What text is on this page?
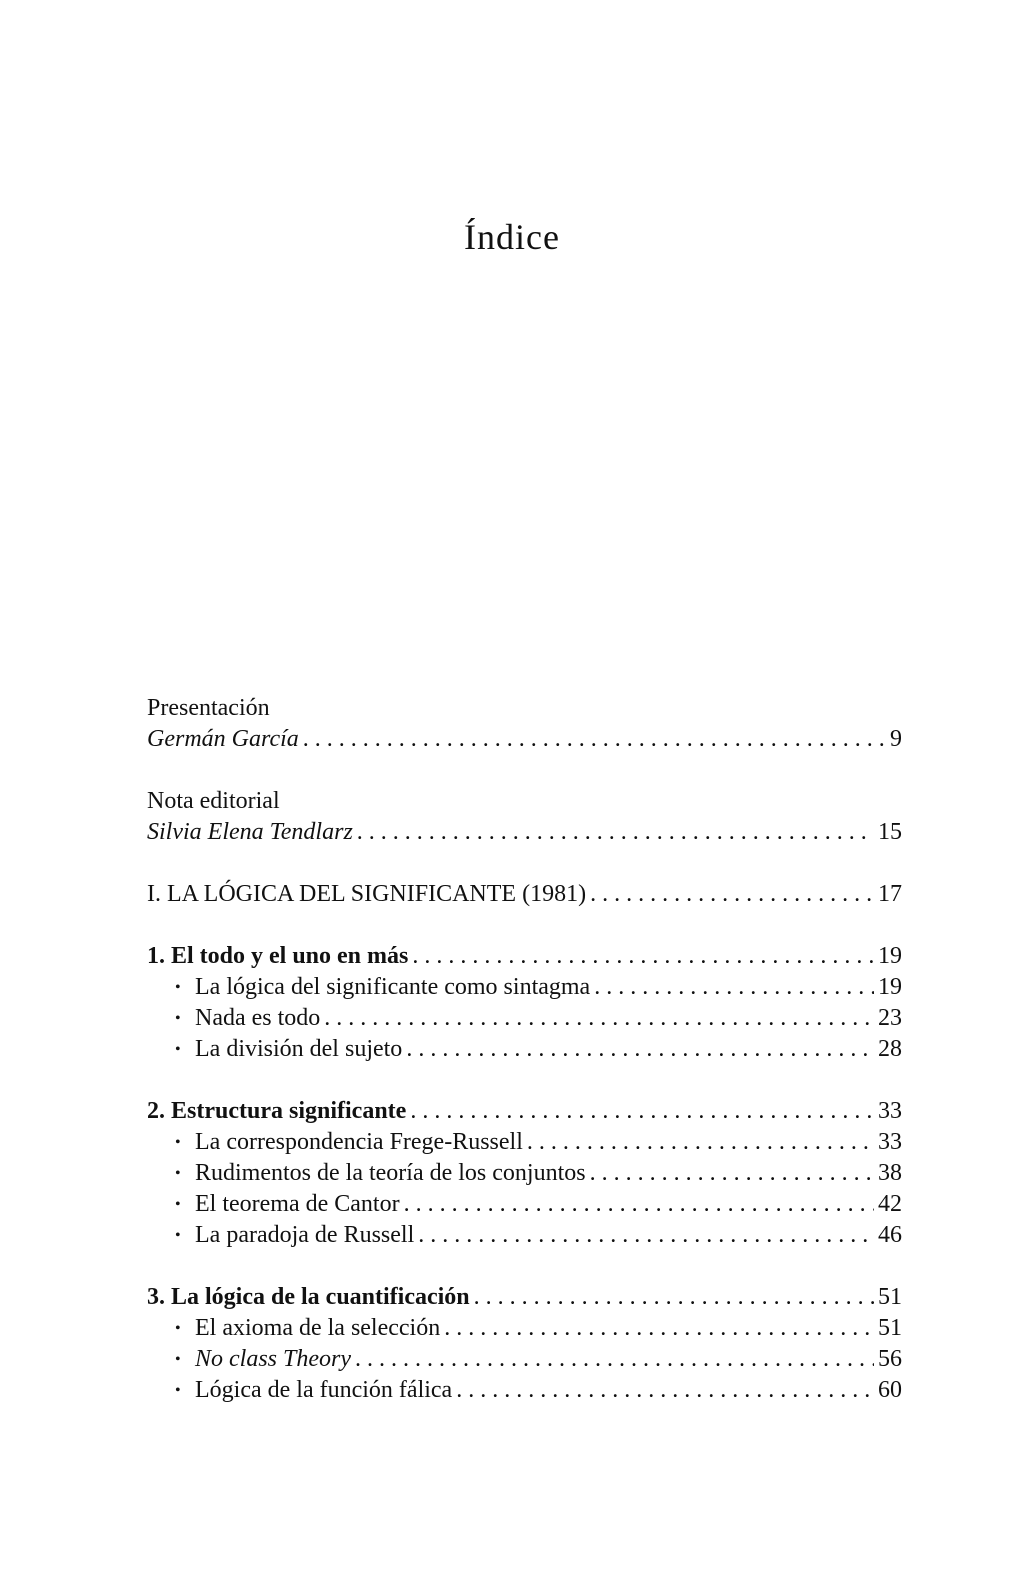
Índice
Presentación
Germán García . . .	9
Nota editorial
Silvia Elena Tendlarz . . .	15
I. LA LÓGICA DEL SIGNIFICANTE (1981) . . .	17
1. El todo y el uno en más . . .	19
• La lógica del significante como sintagma . . .	19
• Nada es todo . . .	23
• La división del sujeto . . .	28
2. Estructura significante . . .	33
• La correspondencia Frege-Russell . . .	33
• Rudimentos de la teoría de los conjuntos . . .	38
• El teorema de Cantor . . .	42
• La paradoja de Russell . . .	46
3. La lógica de la cuantificación . . .	51
• El axioma de la selección . . .	51
• No class Theory . . .	56
• Lógica de la función fálica . . .	60
